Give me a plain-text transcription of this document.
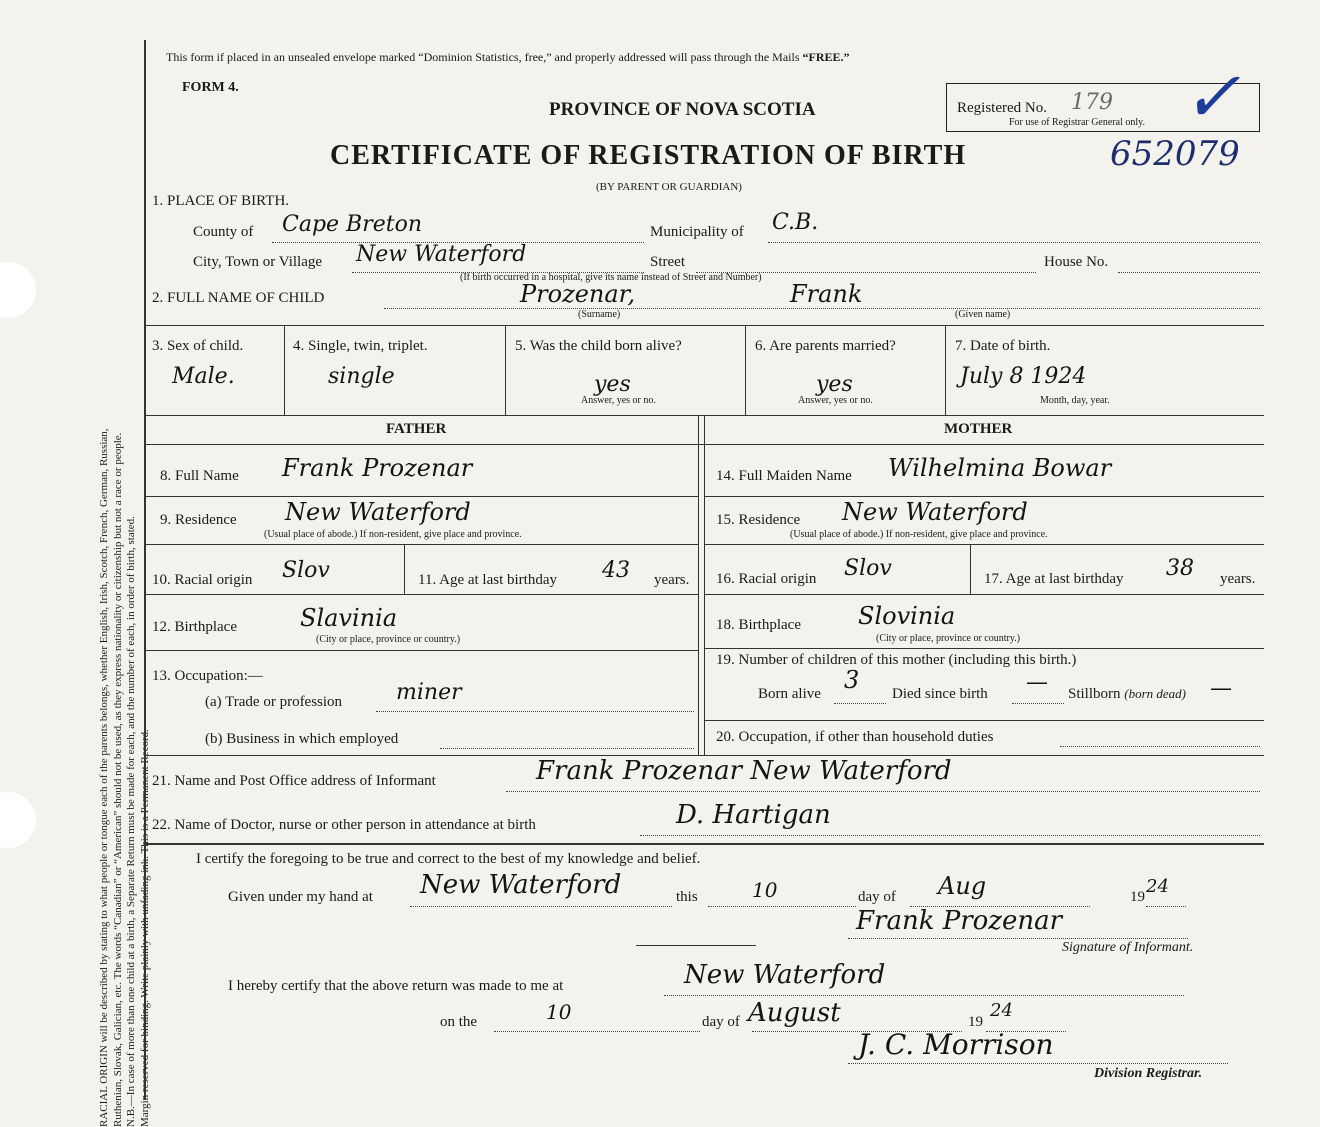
RACIAL ORIGIN will be described by stating to what people or tongue each of the parents belongs, whether English, Irish, Scotch, French, German, Russian, Ruthenian, Slovak, Galician, etc. The words “Canadian” or “American” should not be used, as they express nationality or citizenship but not a race or people. N.B.—In case of more than one child at a birth, a Separate Return must be made for each, and the number of each, in order of birth, stated. Margin reserved for binding. Write plainly with unfading ink. This is a Permanent Record.

This form if placed in an unsealed envelope marked “Dominion Statistics, free,” and properly addressed will pass through the Mails “FREE.”
FORM 4.
PROVINCE OF NOVA SCOTIA	Registered No. 179
For use of Registrar General only. ✓
CERTIFICATE OF REGISTRATION OF BIRTH	652079
(BY PARENT OR GUARDIAN)
1. PLACE OF BIRTH.
County of Cape Breton	Municipality of C.B.
City, Town or Village New Waterford	Street	House No.
(If birth occurred in a hospital, give its name instead of Street and Number)
2. FULL NAME OF CHILD	Prozenar,	Frank
(Surname)	(Given name)
3. Sex of child.
Male.
4. Single, twin, triplet.
single
5. Was the child born alive?
yes
Answer, yes or no.
6. Are parents married?
yes
Answer, yes or no.
7. Date of birth.
July 8 1924
Month, day, year.
FATHER	MOTHER
8. Full Name Frank Prozenar
9. Residence New Waterford
(Usual place of abode.) If non-resident, give place and province.
10. Racial origin Slov	11. Age at last birthday 43 years.
12. Birthplace	Slavinia
(City or place, province or country.)
13. Occupation:—
(a) Trade or profession miner
(b) Business in which employed
14. Full Maiden Name Wilhelmina Bowar
15. Residence New Waterford
(Usual place of abode.) If non-resident, give place and province.
16. Racial origin Slov	17. Age at last birthday 38 years.
18. Birthplace Slovinia
(City or place, province or country.)
19. Number of children of this mother (including this birth.)
Born alive 3 Died since birth — Stillborn (born dead) —
20. Occupation, if other than household duties
21. Name and Post Office address of Informant	Frank Prozenar New Waterford
22. Name of Doctor, nurse or other person in attendance at birth	D. Hartigan
I certify the foregoing to be true and correct to the best of my knowledge and belief.
Given under my hand at New Waterford	this	10	day of Aug	19 24
Frank Prozenar
Signature of Informant.
I hereby certify that the above return was made to me at	New Waterford
on the	10	day of August	19
24
J. C. Morrison
Division Registrar.
